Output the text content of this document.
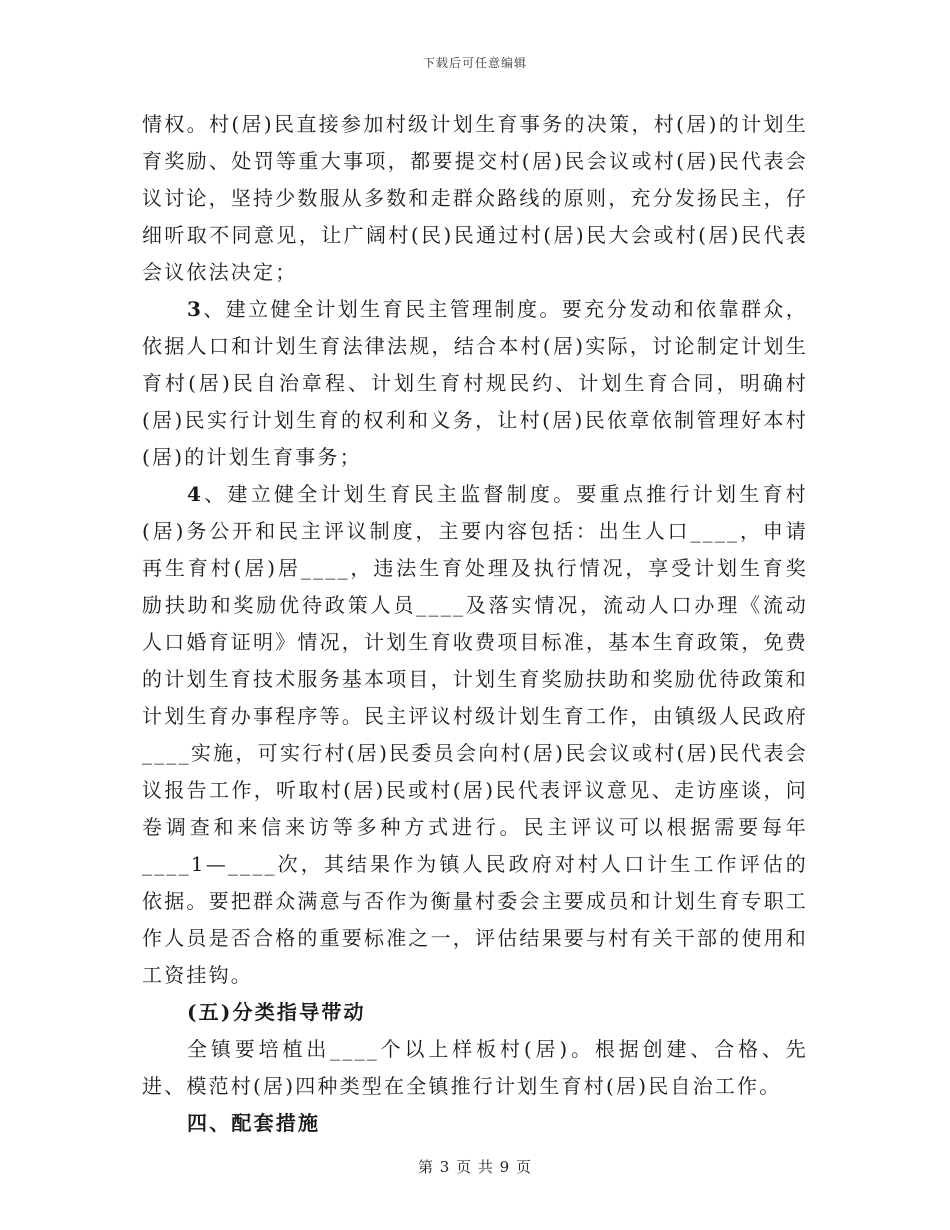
下载后可任意编辑

情权。村(居)民直接参加村级计划生育事务的决策，村(居)的计划生育奖励、处罚等重大事项，都要提交村(居)民会议或村(居)民代表会议讨论，坚持少数服从多数和走群众路线的原则，充分发扬民主，仔细听取不同意见，让广阔村(民)民通过村(居)民大会或村(居)民代表会议依法决定；

3、建立健全计划生育民主管理制度。要充分发动和依靠群众，依据人口和计划生育法律法规，结合本村(居)实际，讨论制定计划生育村(居)民自治章程、计划生育村规民约、计划生育合同，明确村(居)民实行计划生育的权利和义务，让村(居)民依章依制管理好本村(居)的计划生育事务；

4、建立健全计划生育民主监督制度。要重点推行计划生育村(居)务公开和民主评议制度，主要内容包括：出生人口____，申请再生育村(居)居____，违法生育处理及执行情况，享受计划生育奖励扶助和奖励优待政策人员____及落实情况，流动人口办理《流动人口婚育证明》情况，计划生育收费项目标准，基本生育政策，免费的计划生育技术服务基本项目，计划生育奖励扶助和奖励优待政策和计划生育办事程序等。民主评议村级计划生育工作，由镇级人民政府____实施，可实行村(居)民委员会向村(居)民会议或村(居)民代表会议报告工作，听取村(居)民或村(居)民代表评议意见、走访座谈，问卷调查和来信来访等多种方式进行。民主评议可以根据需要每年____1—____次，其结果作为镇人民政府对村人口计生工作评估的依据。要把群众满意与否作为衡量村委会主要成员和计划生育专职工作人员是否合格的重要标准之一，评估结果要与村有关干部的使用和工资挂钩。

(五)分类指导带动

全镇要培植出____个以上样板村(居)。根据创建、合格、先进、模范村(居)四种类型在全镇推行计划生育村(居)民自治工作。

四、配套措施

第 3 页 共 9 页
